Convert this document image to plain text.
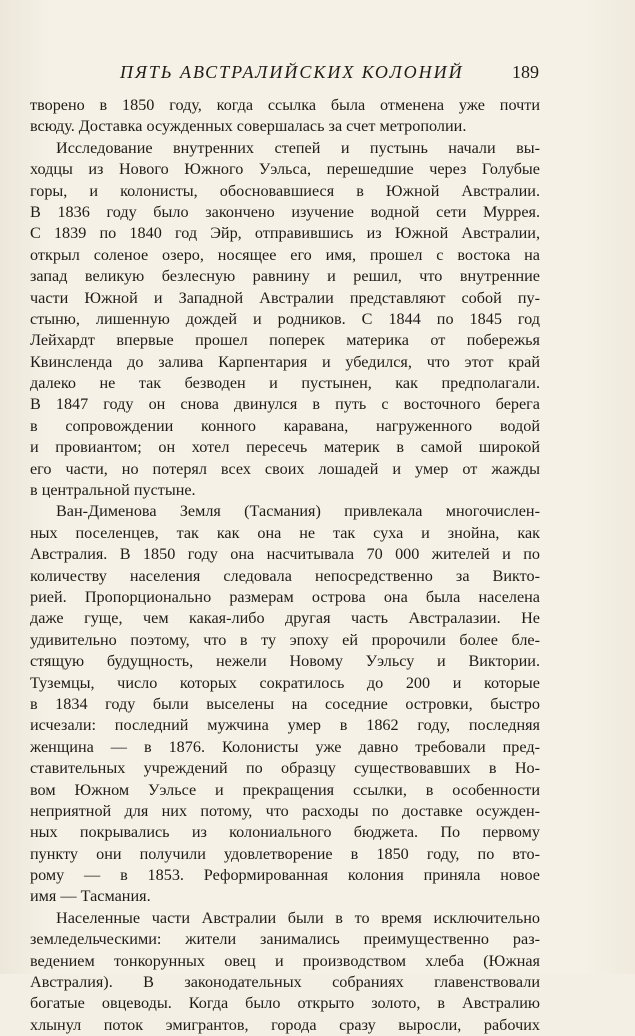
ПЯТЬ АВСТРАЛИЙСКИХ КОЛОНИЙ	189
творено в 1850 году, когда ссылка была отменена уже почти
всюду. Доставка осужденных совершалась за счет метрополии.
Исследование внутренних степей и пустынь начали вы-
ходцы из Нового Южного Уэльса, перешедшие через Голубые
горы, и колонисты, обосновавшиеся в Южной Австралии.
В 1836 году было закончено изучение водной сети Муррея.
С 1839 по 1840 год Эйр, отправившись из Южной Австралии,
открыл соленое озеро, носящее его имя, прошел с востока на
запад великую безлесную равнину и решил, что внутренние
части Южной и Западной Австралии представляют собой пу-
стыню, лишенную дождей и родников. С 1844 по 1845 год
Лейхардт впервые прошел поперек материка от побережья
Квинсленда до залива Карпентария и убедился, что этот край
далеко не так безводен и пустынен, как предполагали.
В 1847 году он снова двинулся в путь с восточного берега
в сопровождении конного каравана, нагруженного водой
и провиантом; он хотел пересечь материк в самой широкой
его части, но потерял всех своих лошадей и умер от жажды
в центральной пустыне.
Ван-Дименова Земля (Тасмания) привлекала многочислен-
ных поселенцев, так как она не так суха и знойна, как
Австралия. В 1850 году она насчитывала 70 000 жителей и по
количеству населения следовала непосредственно за Викто-
рией. Пропорционально размерам острова она была населена
даже гуще, чем какая-либо другая часть Австралазии. Не
удивительно поэтому, что в ту эпоху ей пророчили более бле-
стящую будущность, нежели Новому Уэльсу и Виктории.
Туземцы, число которых сократилось до 200 и которые
в 1834 году были выселены на соседние островки, быстро
исчезали: последний мужчина умер в 1862 году, последняя
женщина — в 1876. Колонисты уже давно требовали пред-
ставительных учреждений по образцу существовавших в Но-
вом Южном Уэльсе и прекращения ссылки, в особенности
неприятной для них потому, что расходы по доставке осужден-
ных покрывались из колониального бюджета. По первому
пункту они получили удовлетворение в 1850 году, по вто-
рому — в 1853. Реформированная колония приняла новое
имя — Тасмания.
Населенные части Австралии были в то время исключительно
земледельческими: жители занимались преимущественно раз-
ведением тонкорунных овец и производством хлеба (Южная
Австралия). В законодательных собраниях главенствовали
богатые овцеводы. Когда было открыто золото, в Австралию
хлынул поток эмигрантов, города сразу выросли, рабочих
